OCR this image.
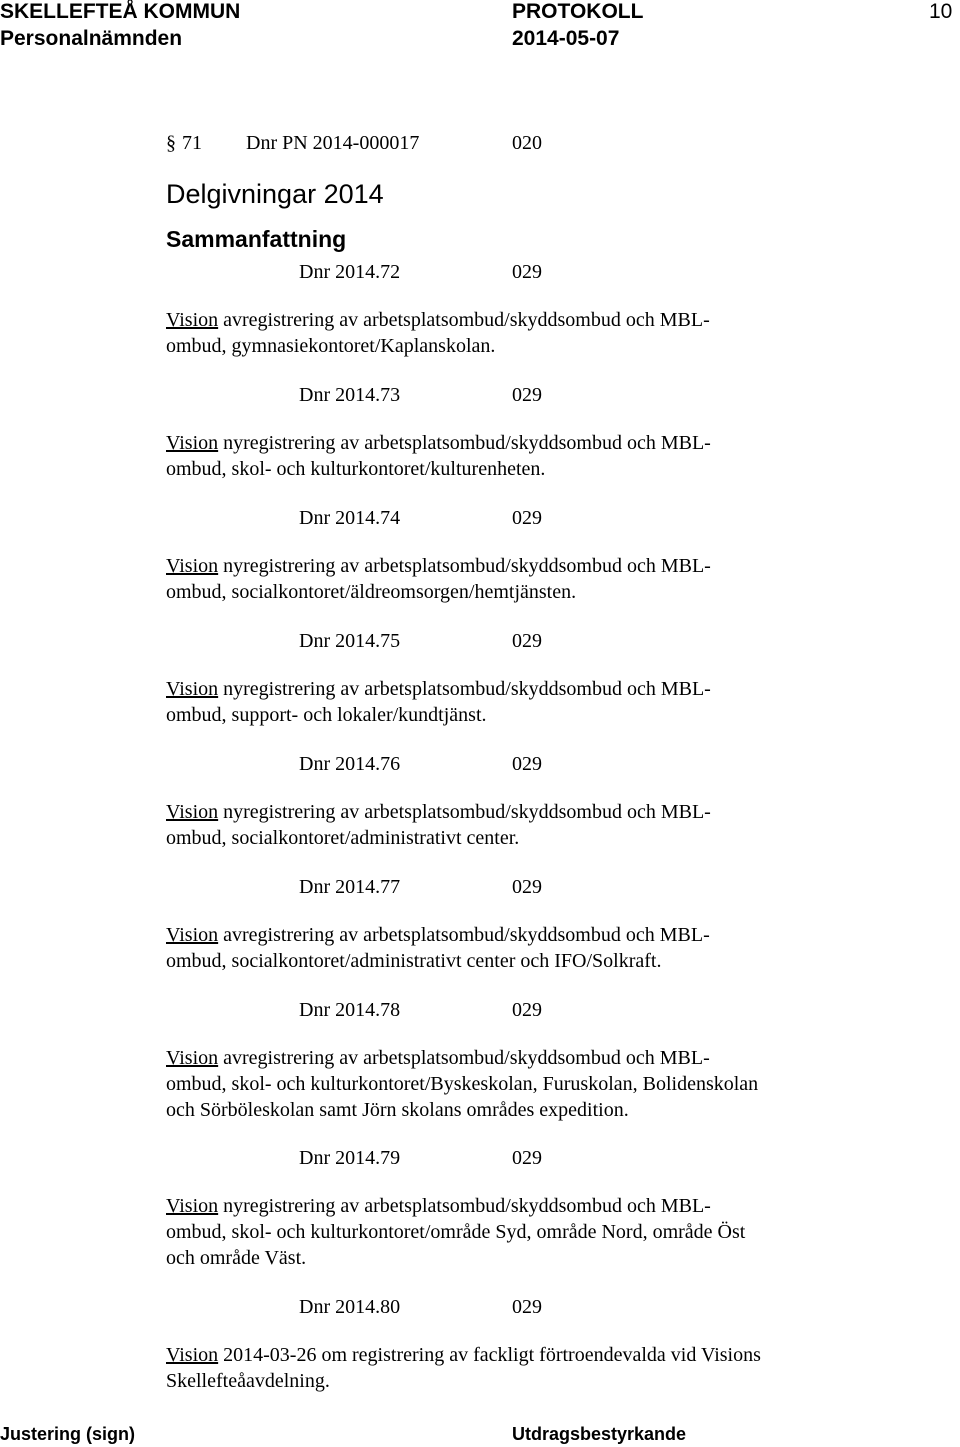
SKELLEFTEÅ KOMMUN
Personalnämnden
PROTOKOLL
2014-05-07
10
§ 71 Dnr PN 2014-000017	020
Delgivningar 2014
Sammanfattning
Dnr 2014.72	029
Vision avregistrering av arbetsplatsombud/skyddsombud och MBL-
ombud, gymnasiekontoret/Kaplanskolan.
Dnr 2014.73	029
Vision nyregistrering av arbetsplatsombud/skyddsombud och MBL-
ombud, skol- och kulturkontoret/kulturenheten.
Dnr 2014.74	029
Vision nyregistrering av arbetsplatsombud/skyddsombud och MBL-
ombud, socialkontoret/äldreomsorgen/hemtjänsten.
Dnr 2014.75	029
Vision nyregistrering av arbetsplatsombud/skyddsombud och MBL-
ombud, support- och lokaler/kundtjänst.
Dnr 2014.76	029
Vision nyregistrering av arbetsplatsombud/skyddsombud och MBL-
ombud, socialkontoret/administrativt center.
Dnr 2014.77	029
Vision avregistrering av arbetsplatsombud/skyddsombud och MBL-
ombud, socialkontoret/administrativt center och IFO/Solkraft.
Dnr 2014.78	029
Vision avregistrering av arbetsplatsombud/skyddsombud och MBL-
ombud, skol- och kulturkontoret/Byskeskolan, Furuskolan, Bolidenskolan
och Sörböleskolan samt Jörn skolans områdes expedition.
Dnr 2014.79	029
Vision nyregistrering av arbetsplatsombud/skyddsombud och MBL-
ombud, skol- och kulturkontoret/område Syd, område Nord, område Öst
och område Väst.
Dnr 2014.80	029
Vision 2014-03-26 om registrering av fackligt förtroendevalda vid Visions
Skellefteåavdelning.
Justering (sign)	Utdragsbestyrkande
